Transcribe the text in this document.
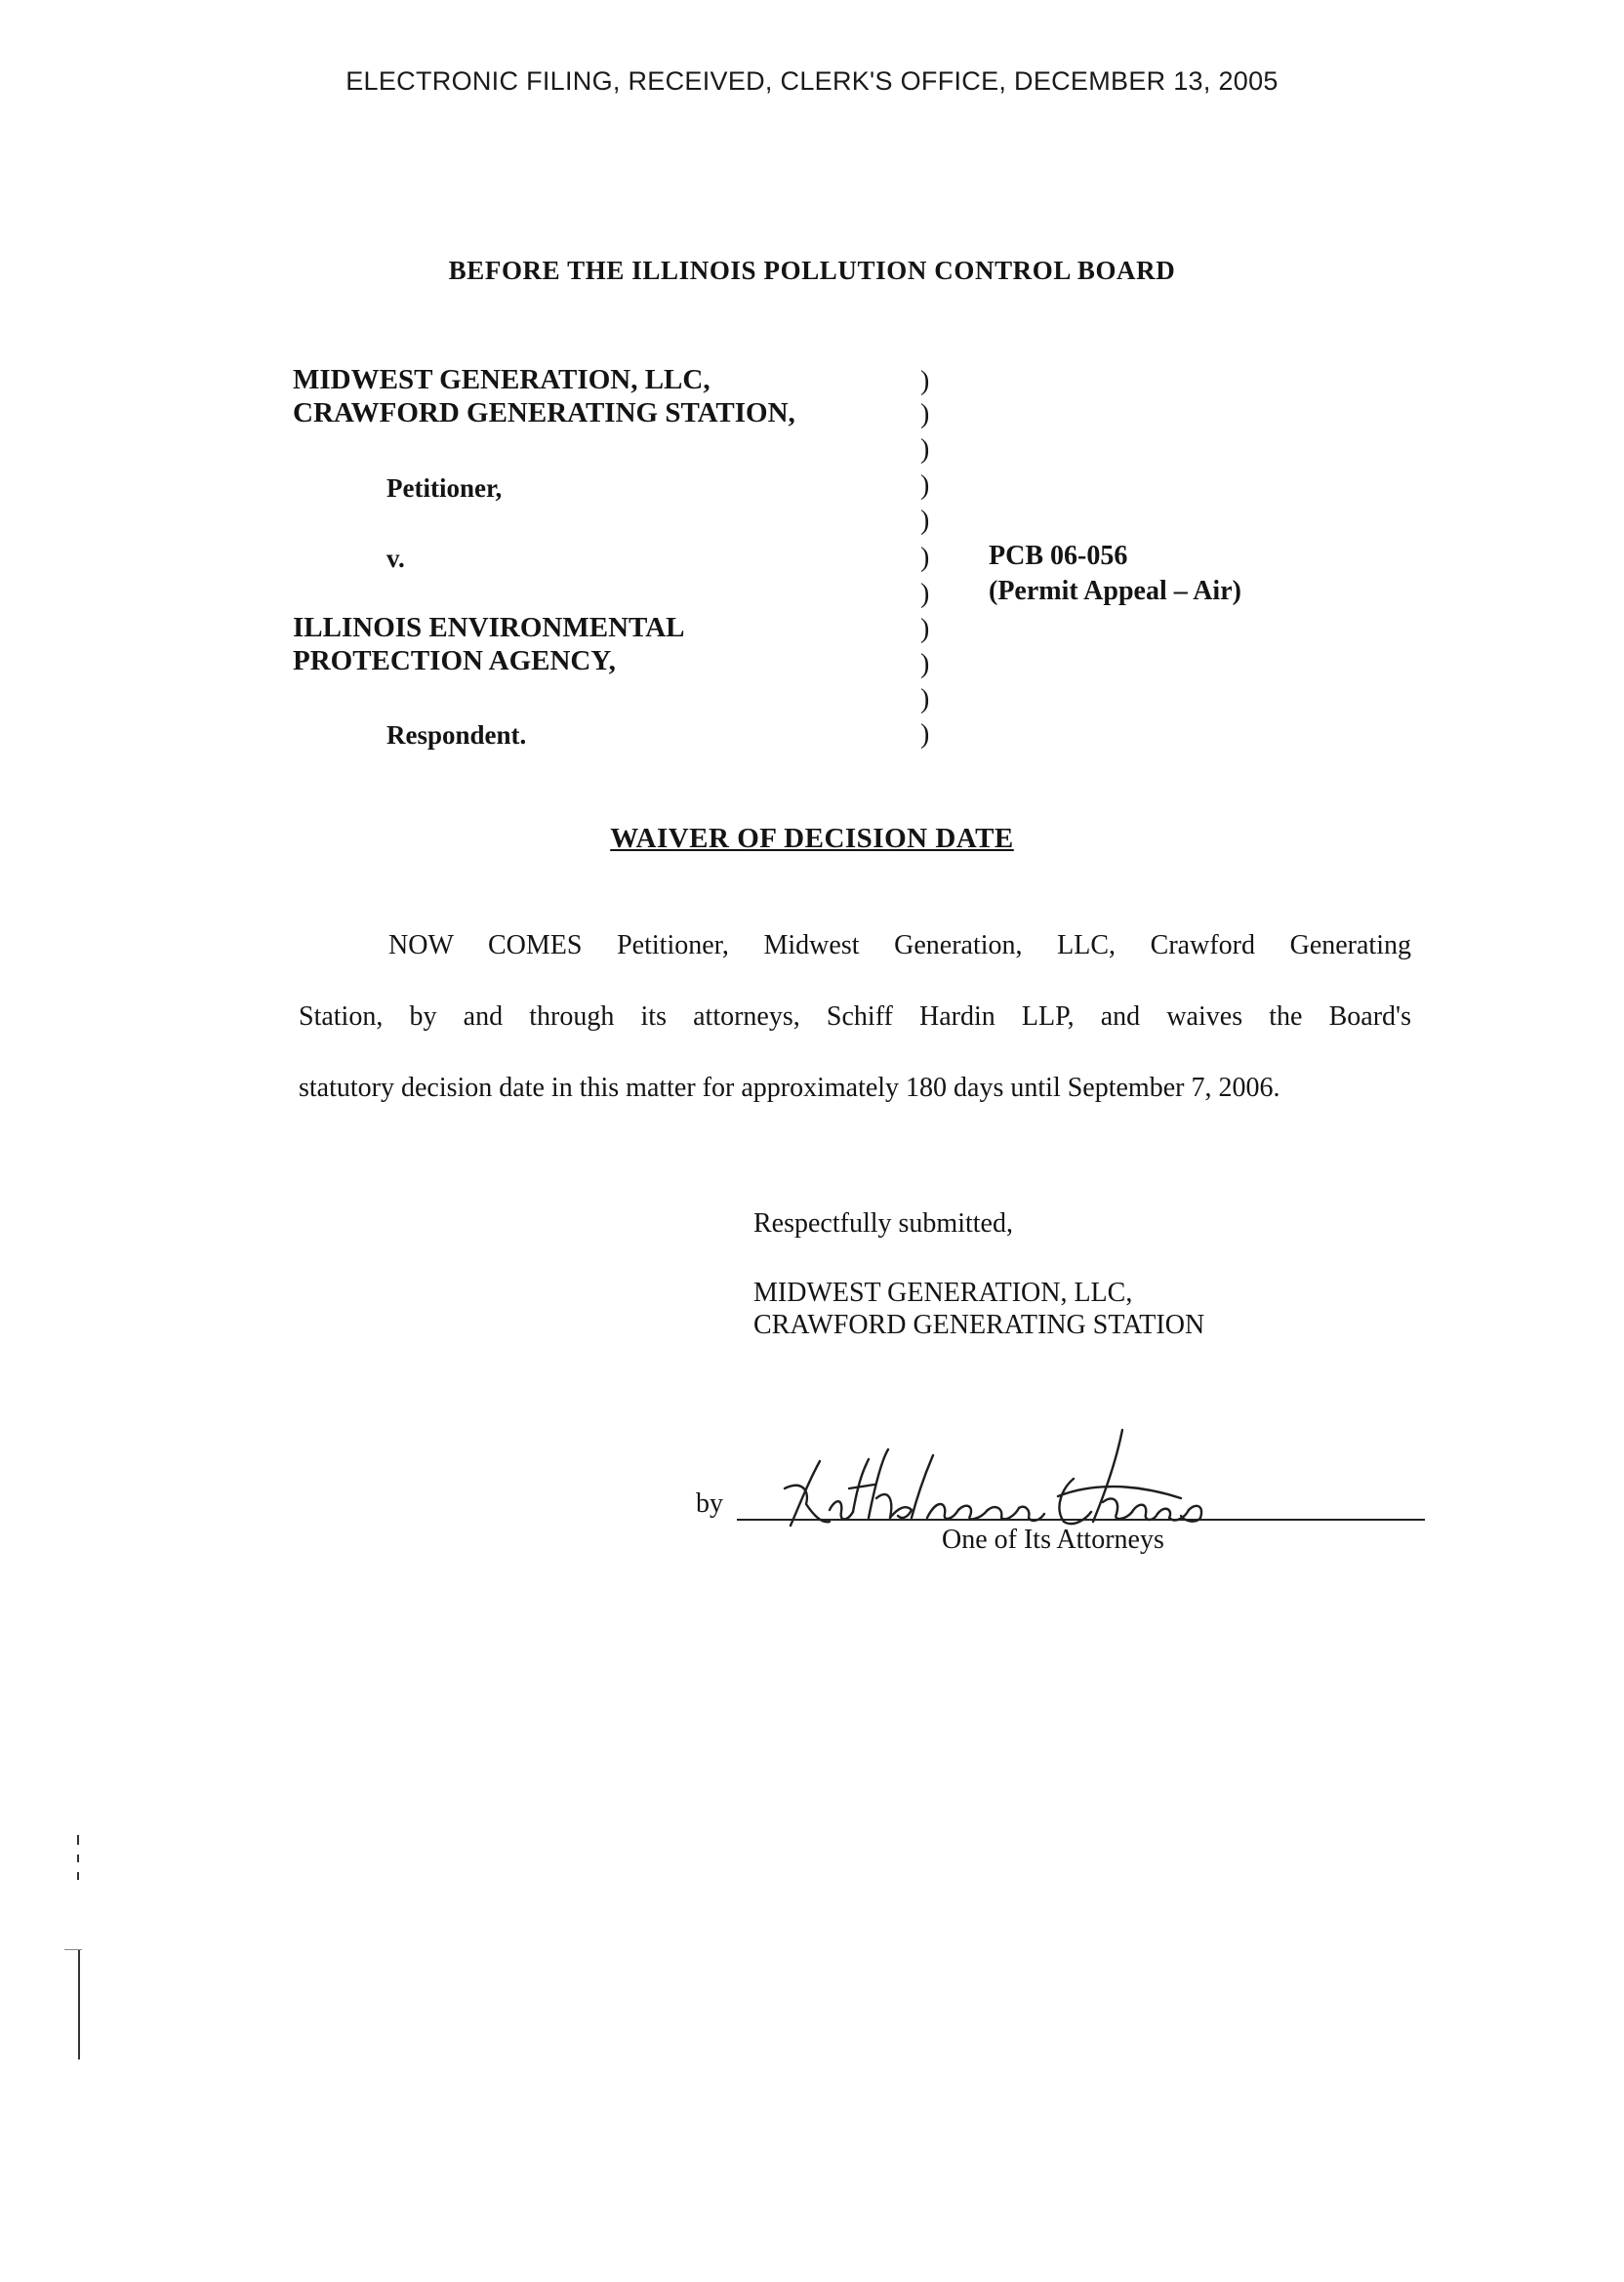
ELECTRONIC FILING, RECEIVED, CLERK'S OFFICE, DECEMBER 13, 2005
BEFORE THE ILLINOIS POLLUTION CONTROL BOARD
MIDWEST GENERATION, LLC,
CRAWFORD GENERATING STATION,
Petitioner,
v.
ILLINOIS ENVIRONMENTAL
PROTECTION AGENCY,
Respondent.
)
)
)
)
)
)
)
)
)
)
)
PCB 06-056
(Permit Appeal – Air)
WAIVER OF DECISION DATE
NOW COMES Petitioner, Midwest Generation, LLC, Crawford Generating
Station, by and through its attorneys, Schiff Hardin LLP, and waives the Board's
statutory decision date in this matter for approximately 180 days until September 7, 2006.
Respectfully submitted,
MIDWEST GENERATION, LLC,
CRAWFORD GENERATING STATION
by
One of Its Attorneys
